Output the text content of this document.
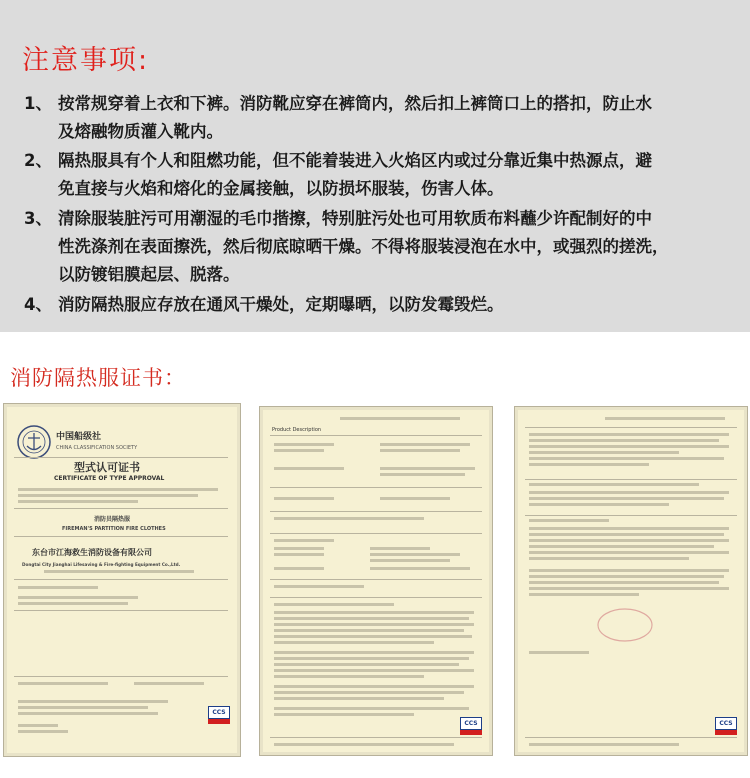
注意事项:
1、 按常规穿着上衣和下裤。消防靴应穿在裤筒内，然后扣上裤筒口上的搭扣，防止水
及熔融物质灌入靴内。
2、 隔热服具有个人和阻燃功能，但不能着装进入火焰区内或过分靠近集中热源点，避
免直接与火焰和熔化的金属接触，以防损坏服装，伤害人体。
3、 清除服装脏污可用潮湿的毛巾揩擦，特别脏污处也可用软质布料蘸少许配制好的中
性洗涤剂在表面擦洗，然后彻底晾晒干燥。不得将服装浸泡在水中，或强烈的搓洗，
以防镀铝膜起层、脱落。
4、 消防隔热服应存放在通风干燥处，定期曝晒，以防发霉毁烂。
消防隔热服证书：
中国船级社
CHINA CLASSIFICATION SOCIETY
型式认可证书
CERTIFICATE OF TYPE APPROVAL
消防员隔热服
FIREMAN'S PARTITION FIRE CLOTHES
东台市江海救生消防设备有限公司
Dongtai City Jianghai Lifesaving & Fire-fighting Equipment Co.,Ltd.
CCS
Product Description
CCS	CCS
